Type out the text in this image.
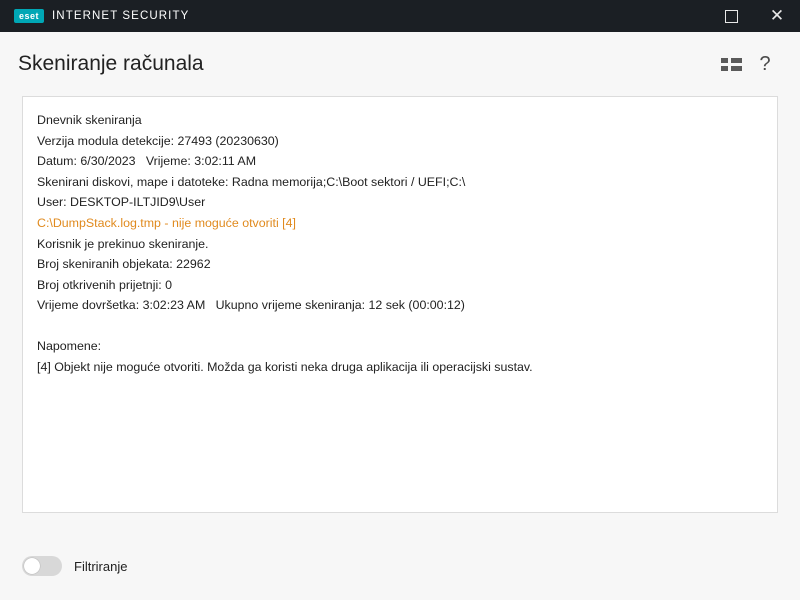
eset	INTERNET SECURITY	✕
Skeniranje računala	?
Dnevnik skeniranja
Verzija modula detekcije: 27493 (20230630)
Datum: 6/30/2023   Vrijeme: 3:02:11 AM
Skenirani diskovi, mape i datoteke: Radna memorija;C:\Boot sektori / UEFI;C:\
User: DESKTOP-ILTJID9\User
C:\DumpStack.log.tmp - nije moguće otvoriti [4]
Korisnik je prekinuo skeniranje.
Broj skeniranih objekata: 22962
Broj otkrivenih prijetnji: 0
Vrijeme dovršetka: 3:02:23 AM   Ukupno vrijeme skeniranja: 12 sek (00:00:12)
Napomene:
[4] Objekt nije moguće otvoriti. Možda ga koristi neka druga aplikacija ili operacijski sustav.
Filtriranje
